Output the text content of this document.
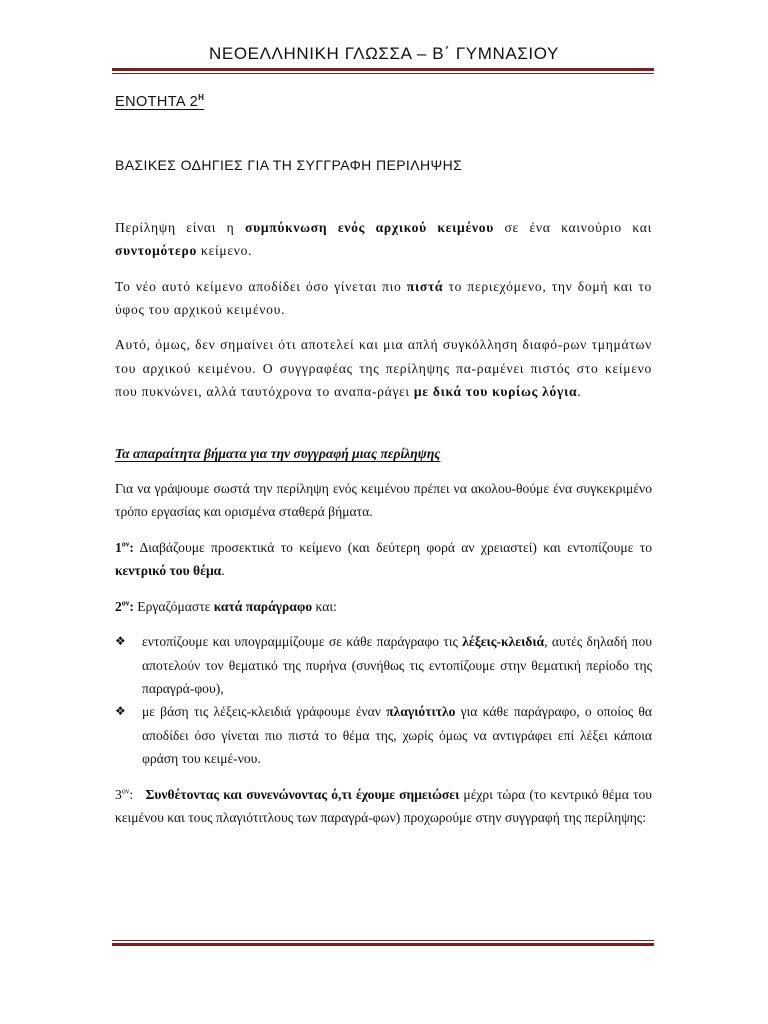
ΝΕΟΕΛΛΗΝΙΚΗ ΓΛΩΣΣΑ – Β΄ ΓΥΜΝΑΣΙΟΥ

ΕΝΟΤΗΤΑ $2^H$

ΒΑΣΙΚΕΣ ΟΔΗΓΙΕΣ ΓΙΑ ΤΗ ΣΥΓΓΡΑΦΗ ΠΕΡΙΛΗΨΗΣ

Περίληψη είναι η συμπύκνωση ενός αρχικού κειμένου σε ένα καινούριο και συντομότερο κείμενο.

Το νέο αυτό κείμενο αποδίδει όσο γίνεται πιο πιστά το περιεχόμενο, την δομή και το ύφος του αρχικού κειμένου.

Αυτό, όμως, δεν σημαίνει ότι αποτελεί και μια απλή συγκόλληση διαφό-ρων τμημάτων του αρχικού κειμένου. Ο συγγραφέας της περίληψης πα-ραμένει πιστός στο κείμενο που πυκνώνει, αλλά ταυτόχρονα το αναπα-ράγει με δικά του κυρίως λόγια.

Τα απαραίτητα βήματα για την συγγραφή μιας περίληψης

Για να γράψουμε σωστά την περίληψη ενός κειμένου πρέπει να ακολου-θούμε ένα συγκεκριμένο τρόπο εργασίας και ορισμένα σταθερά βήματα.

$1^{o\nu}$: Διαβάζουμε προσεκτικά το κείμενο (και δεύτερη φορά αν χρειαστεί) και εντοπίζουμε το κεντρικό του θέμα.

$2^{o\nu}$: Εργαζόμαστε κατά παράγραφο και:

❖ εντοπίζουμε και υπογραμμίζουμε σε κάθε παράγραφο τις λέξεις-κλειδιά, αυτές δηλαδή που αποτελούν τον θεματικό της πυρήνα (συνήθως τις εντοπίζουμε στην θεματική περίοδο της παραγρά-φου),
❖ με βάση τις λέξεις-κλειδιά γράφουμε έναν πλαγιότιτλο για κάθε παράγραφο, ο οποίος θα αποδίδει όσο γίνεται πιο πιστά το θέμα της, χωρίς όμως να αντιγράφει επί λέξει κάποια φράση του κειμέ-νου.

$3^{o\nu}$: Συνθέτοντας και συνενώνοντας ό,τι έχουμε σημειώσει μέχρι τώρα (το κεντρικό θέμα του κειμένου και τους πλαγιότιτλους των παραγρά-φων) προχωρούμε στην συγγραφή της περίληψης:
